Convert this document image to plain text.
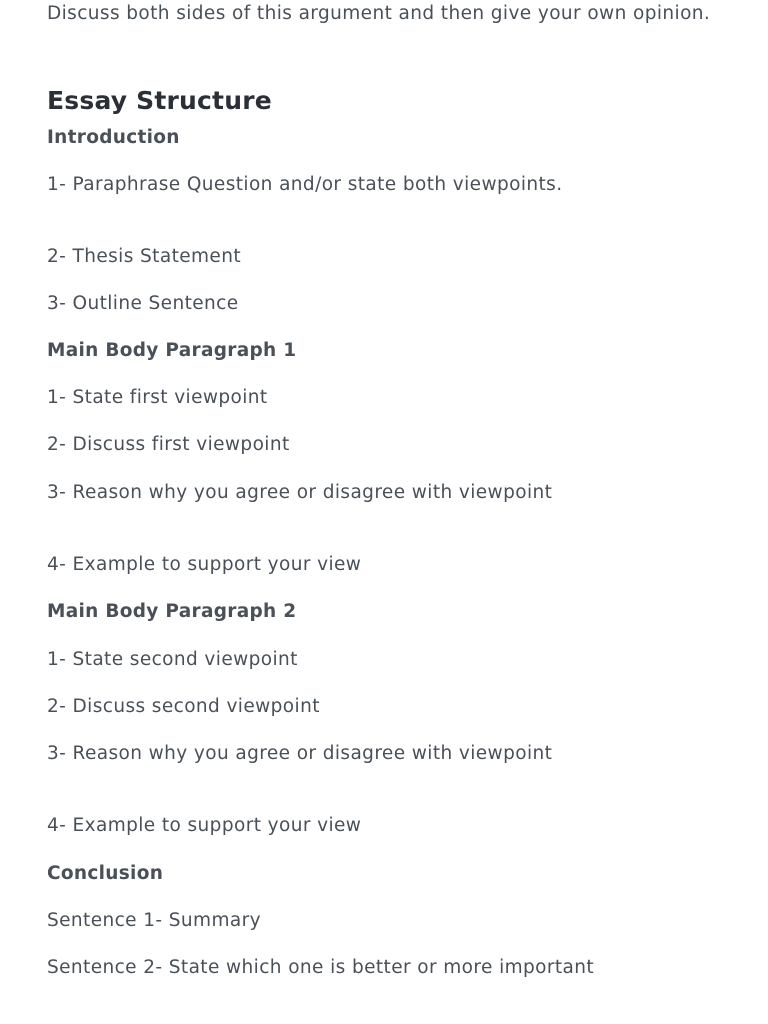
Discuss both sides of this argument and then give your own opinion.

Essay Structure
Introduction

1- Paraphrase Question and/or state both viewpoints.

2- Thesis Statement

3- Outline Sentence

Main Body Paragraph 1

1- State first viewpoint

2- Discuss first viewpoint

3- Reason why you agree or disagree with viewpoint

4- Example to support your view

Main Body Paragraph 2

1- State second viewpoint

2- Discuss second viewpoint

3- Reason why you agree or disagree with viewpoint

4- Example to support your view

Conclusion

Sentence 1- Summary

Sentence 2- State which one is better or more important
